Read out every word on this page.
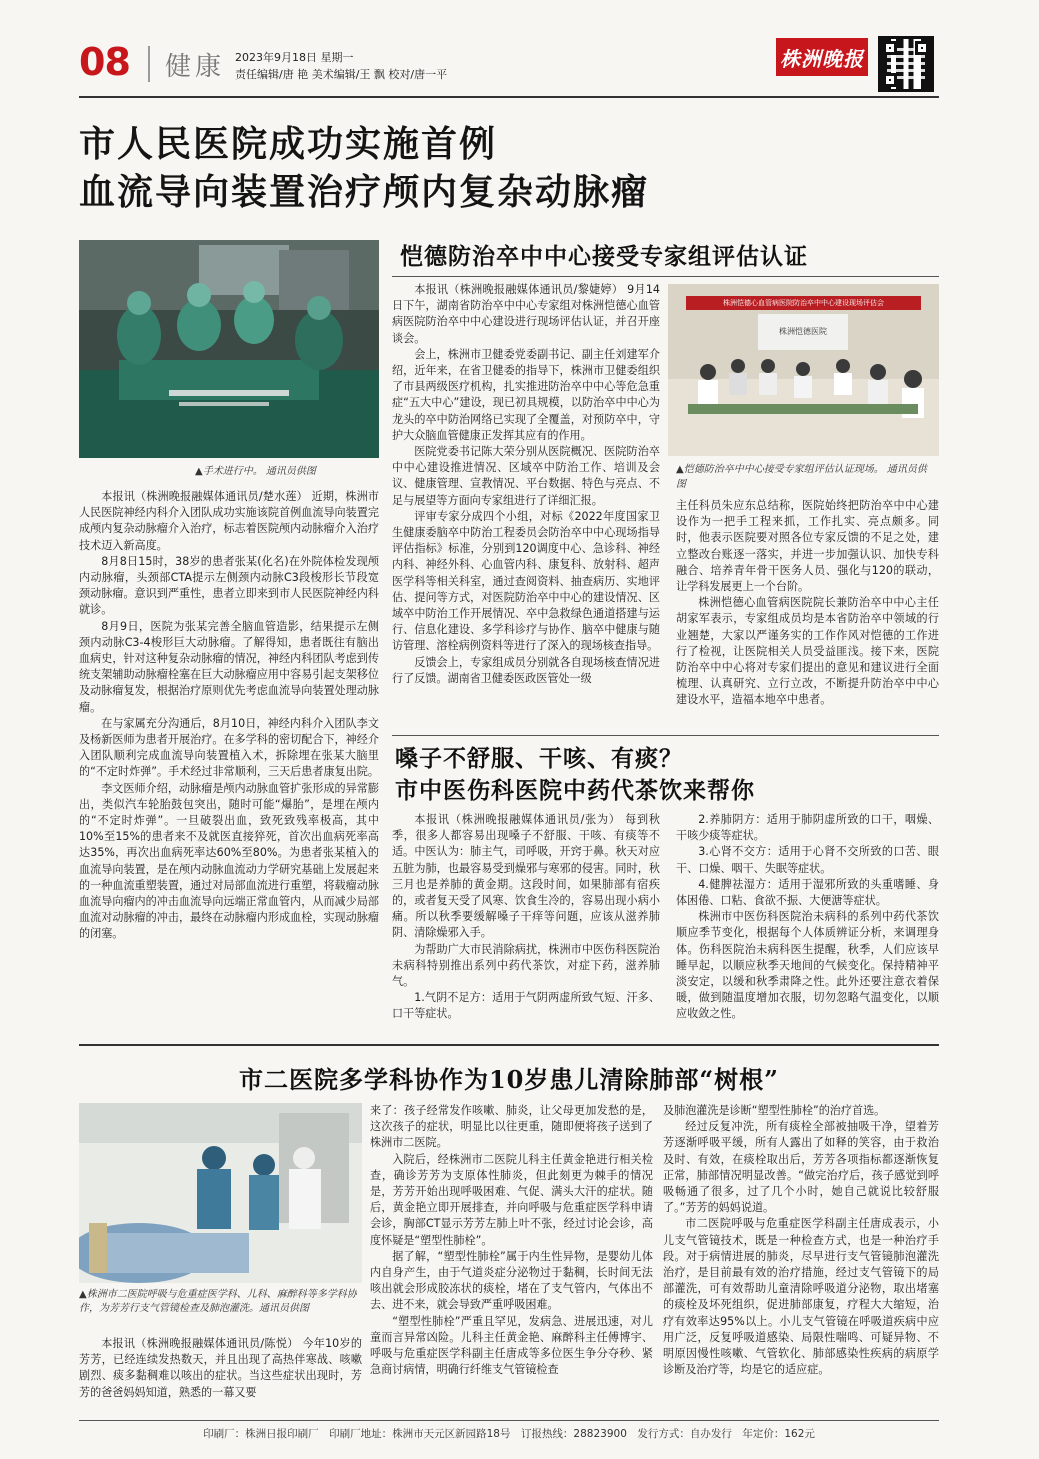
08 健康 2023年9月18日 星期一
责任编辑/唐 艳 美术编辑/王 飘 校对/唐一平
株洲晚报
市人民医院成功实施首例
血流导向装置治疗颅内复杂动脉瘤
▲手术进行中。 通讯员供图

本报讯（株洲晚报融媒体通讯员/楚水莲） 近期，株洲市人民医院神经内科介入团队成功实施该院首例血流导向装置完成颅内复杂动脉瘤介入治疗，标志着医院颅内动脉瘤介入治疗技术迈入新高度。

8月8日15时，38岁的患者张某(化名)在外院体检发现颅内动脉瘤，头颈部CTA提示左侧颈内动脉C3段梭形长节段宽颈动脉瘤。意识到严重性，患者立即来到市人民医院神经内科就诊。

8月9日，医院为张某完善全脑血管造影，结果提示左侧颈内动脉C3-4梭形巨大动脉瘤。了解得知，患者既往有脑出血病史，针对这种复杂动脉瘤的情况，神经内科团队考虑到传统支架辅助动脉瘤栓塞在巨大动脉瘤应用中容易引起支架移位及动脉瘤复发，根据治疗原则优先考虑血流导向装置处理动脉瘤。

在与家属充分沟通后，8月10日，神经内科介入团队李文及杨新医师为患者开展治疗。在多学科的密切配合下，神经介入团队顺利完成血流导向装置植入术，拆除埋在张某大脑里的“不定时炸弹”。手术经过非常顺利，三天后患者康复出院。

李文医师介绍，动脉瘤是颅内动脉血管扩张形成的异常膨出，类似汽车轮胎鼓包突出，随时可能“爆胎”，是埋在颅内的“不定时炸弹”。一旦破裂出血，致死致残率极高，其中10%至15%的患者来不及就医直接猝死，首次出血病死率高达35%，再次出血病死率达60%至80%。为患者张某植入的血流导向装置，是在颅内动脉血流动力学研究基础上发展起来的一种血流重塑装置，通过对局部血流进行重塑，将载瘤动脉血流导向瘤内的冲击血流导向远端正常血管内，从而减少局部血流对动脉瘤的冲击，最终在动脉瘤内形成血栓，实现动脉瘤的闭塞。

恺德防治卒中中心接受专家组评估认证

本报讯（株洲晚报融媒体通讯员/黎婕婷） 9月14日下午，湖南省防治卒中中心专家组对株洲恺德心血管病医院防治卒中中心建设进行现场评估认证，并召开座谈会。

会上，株洲市卫健委党委副书记、副主任刘建军介绍，近年来，在省卫健委的指导下，株洲市卫健委组织了市县两级医疗机构，扎实推进防治卒中中心等危急重症“五大中心”建设，现已初具规模，以防治卒中中心为龙头的卒中防治网络已实现了全覆盖，对预防卒中，守护大众脑血管健康正发挥其应有的作用。

医院党委书记陈大荣分别从医院概况、医院防治卒中中心建设推进情况、区域卒中防治工作、培训及会议、健康管理、宣教情况、平台数据、特色与亮点、不足与展望等方面向专家组进行了详细汇报。

评审专家分成四个小组，对标《2022年度国家卫生健康委脑卒中防治工程委员会防治卒中中心现场指导评估指标》标准，分别到120调度中心、急诊科、神经内科、神经外科、心血管内科、康复科、放射科、超声医学科等相关科室，通过查阅资料、抽查病历、实地评估、提问等方式，对医院防治卒中中心的建设情况、区域卒中防治工作开展情况、卒中急救绿色通道搭建与运行、信息化建设、多学科诊疗与协作、脑卒中健康与随访管理、溶栓病例资料等进行了深入的现场核查指导。

反馈会上，专家组成员分别就各自现场核查情况进行了反馈。湖南省卫健委医政医管处一级

株洲恺德心血管病医院防治卒中中心建设现场评估会
株洲恺德医院
▲恺德防治卒中中心接受专家组评估认证现场。 通讯员供图

主任科员朱应东总结称，医院始终把防治卒中中心建设作为一把手工程来抓，工作扎实、亮点颇多。同时，他表示医院要对照各位专家反馈的不足之处，建立整改台账逐一落实，并进一步加强认识、加快专科融合、培养青年骨干医务人员、强化与120的联动，让学科发展更上一个台阶。

株洲恺德心血管病医院院长兼防治卒中中心主任胡家军表示，专家组成员均是本省防治卒中领域的行业翘楚，大家以严谨务实的工作作风对恺德的工作进行了检视，让医院相关人员受益匪浅。接下来，医院防治卒中中心将对专家们提出的意见和建议进行全面梳理、认真研究、立行立改，不断提升防治卒中中心建设水平，造福本地卒中患者。

嗓子不舒服、干咳、有痰？
市中医伤科医院中药代茶饮来帮你

本报讯（株洲晚报融媒体通讯员/张为） 每到秋季，很多人都容易出现嗓子不舒服、干咳、有痰等不适。中医认为：肺主气，司呼吸，开窍于鼻。秋天对应五脏为肺，也最容易受到燥邪与寒邪的侵害。同时，秋三月也是养肺的黄金期。这段时间，如果肺部有宿疾的，或者复天受了风寒、饮食生冷的，容易出现小病小痛。所以秋季要缓解嗓子干痒等问题，应该从滋养肺阴、清除燥邪入手。

为帮助广大市民消除病扰，株洲市中医伤科医院治未病科特别推出系列中药代茶饮，对症下药，滋养肺气。

1.气阴不足方：适用于气阴两虚所致气短、汗多、口干等症状。

2.养肺阴方：适用于肺阴虚所致的口干，咽燥、干咳少痰等症状。

3.心肾不交方：适用于心肾不交所致的口苦、眼干、口燥、咽干、失眠等症状。

4.健脾祛湿方：适用于湿邪所致的头重嗜睡、身体困倦、口粘、食欲不振、大便溏等症状。

株洲市中医伤科医院治未病科的系列中药代茶饮顺应季节变化，根据每个人体质辨证分析，来调理身体。伤科医院治未病科医生提醒，秋季，人们应该早睡早起，以顺应秋季天地间的气候变化。保持精神平淡安定，以缓和秋季肃降之性。此外还要注意衣着保暖，做到随温度增加衣服，切勿忽略气温变化，以顺应收敛之性。

市二医院多学科协作为10岁患儿清除肺部“树根”
▲株洲市二医院呼吸与危重症医学科、儿科、麻醉科等多学科协作，为芳芳行支气管镜检查及肺泡灌洗。通讯员供图

本报讯（株洲晚报融媒体通讯员/陈悦） 今年10岁的芳芳，已经连续发热数天，并且出现了高热伴寒战、咳嗽剧烈、痰多黏稠难以咳出的症状。当这些症状出现时，芳芳的爸爸妈妈知道，熟悉的一幕又要

来了：孩子经常发作咳嗽、肺炎，让父母更加发愁的是，这次孩子的症状，明显比以往更重，随即便将孩子送到了株洲市二医院。

入院后，经株洲市二医院儿科主任黄金艳进行相关检查，确诊芳芳为支原体性肺炎，但此刻更为棘手的情况是，芳芳开始出现呼吸困难、气促、满头大汗的症状。随后，黄金艳立即开展排查，并向呼吸与危重症医学科申请会诊，胸部CT显示芳芳左肺上叶不张，经过讨论会诊，高度怀疑是“塑型性肺栓”。

据了解，“塑型性肺栓”属于内生性异物，是婴幼儿体内自身产生，由于气道炎症分泌物过于黏稠，长时间无法咳出就会形成胶冻状的痰栓，堵在了支气管内，气体出不去、进不来，就会导致严重呼吸困难。

“塑型性肺栓”严重且罕见，发病急、进展迅速，对儿童而言异常凶险。儿科主任黄金艳、麻醉科主任傅博宇、呼吸与危重症医学科副主任唐成等多位医生争分夺秒、紧急商讨病情，明确行纤维支气管镜检查

及肺泡灌洗是诊断“塑型性肺栓”的治疗首选。

经过反复冲洗，所有痰栓全部被抽吸干净，望着芳芳逐渐呼吸平缓，所有人露出了如释的笑容，由于救治及时、有效，在痰栓取出后，芳芳各项指标都逐渐恢复正常，肺部情况明显改善。“做完治疗后，孩子感觉到呼吸畅通了很多，过了几个小时，她自己就说比较舒服了。”芳芳的妈妈说道。

市二医院呼吸与危重症医学科副主任唐成表示，小儿支气管镜技术，既是一种检查方式，也是一种治疗手段。对于病情进展的肺炎，尽早进行支气管镜肺泡灌洗治疗，是目前最有效的治疗措施，经过支气管镜下的局部灌洗，可有效帮助儿童清除呼吸道分泌物，取出堵塞的痰栓及坏死组织，促进肺部康复，疗程大大缩短，治疗有效率达95%以上。小儿支气管镜在呼吸道疾病中应用广泛，反复呼吸道感染、局限性喘鸣、可疑异物、不明原因慢性咳嗽、气管软化、肺部感染性疾病的病原学诊断及治疗等，均是它的适应症。

印刷厂：株洲日报印刷厂　印刷厂地址：株洲市天元区新园路18号　订报热线：28823900　发行方式：自办发行　年定价：162元
